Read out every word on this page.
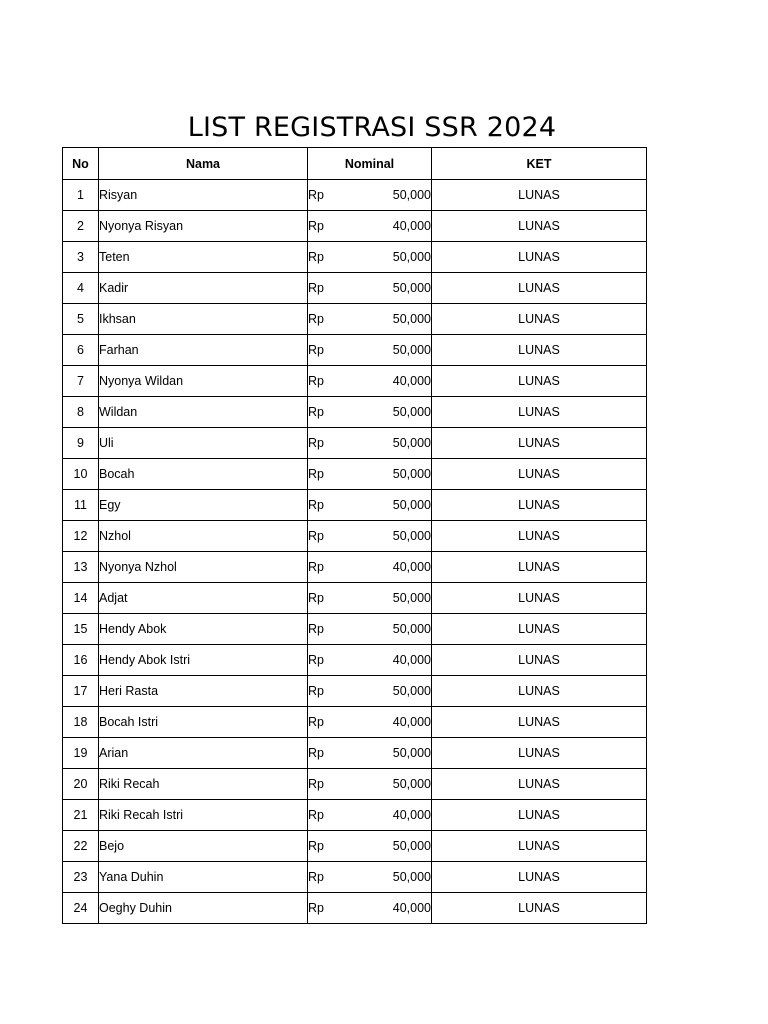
LIST REGISTRASI SSR 2024
No	Nama	Nominal	KET
1	Risyan	Rp 50,000	LUNAS
2	Nyonya Risyan	Rp 40,000	LUNAS
3	Teten	Rp 50,000	LUNAS
4	Kadir	Rp 50,000	LUNAS
5	Ikhsan	Rp 50,000	LUNAS
6	Farhan	Rp 50,000	LUNAS
7	Nyonya Wildan	Rp 40,000	LUNAS
8	Wildan	Rp 50,000	LUNAS
9	Uli	Rp 50,000	LUNAS
10	Bocah	Rp 50,000	LUNAS
11	Egy	Rp 50,000	LUNAS
12	Nzhol	Rp 50,000	LUNAS
13	Nyonya Nzhol	Rp 40,000	LUNAS
14	Adjat	Rp 50,000	LUNAS
15	Hendy Abok	Rp 50,000	LUNAS
16	Hendy Abok Istri	Rp 40,000	LUNAS
17	Heri Rasta	Rp 50,000	LUNAS
18	Bocah Istri	Rp 40,000	LUNAS
19	Arian	Rp 50,000	LUNAS
20	Riki Recah	Rp 50,000	LUNAS
21	Riki Recah Istri	Rp 40,000	LUNAS
22	Bejo	Rp 50,000	LUNAS
23	Yana Duhin	Rp 50,000	LUNAS
24	Oeghy Duhin	Rp 40,000	LUNAS
